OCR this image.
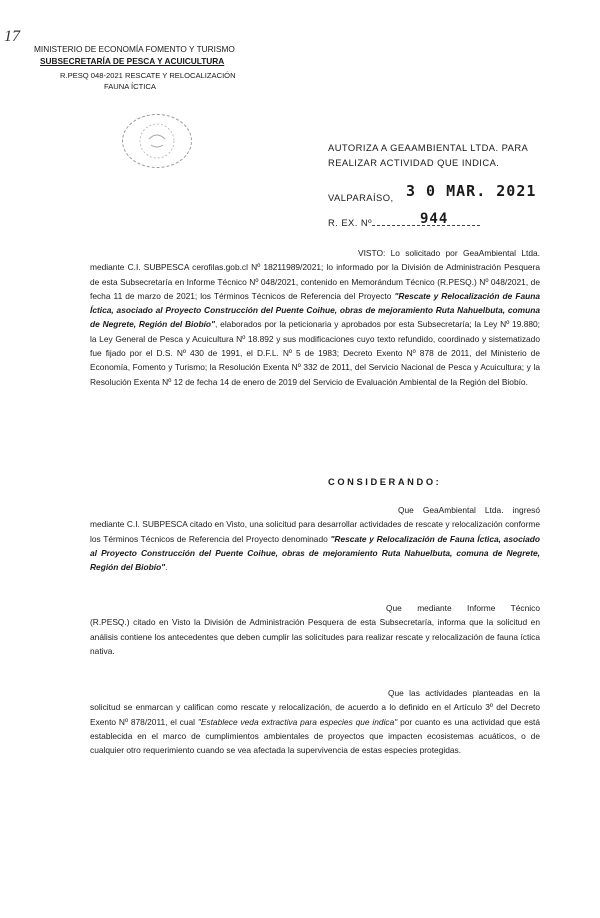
17
MINISTERIO DE ECONOMÍA FOMENTO Y TURISMO
SUBSECRETARÍA DE PESCA Y ACUICULTURA
R.PESQ 048-2021 RESCATE Y RELOCALIZACIÓN
FAUNA ÍCTICA
AUTORIZA A GEAAMBIENTAL LTDA. PARA
REALIZAR ACTIVIDAD QUE INDICA.
VALPARAÍSO, 3 0 MAR. 2021
R. EX. Nº	944

VISTO: Lo solicitado por GeaAmbiental Ltda. mediante C.I. SUBPESCA cerofilas.gob.cl Nº 18211989/2021; lo informado por la División de Administración Pesquera de esta Subsecretaría en Informe Técnico Nº 048/2021, contenido en Memorándum Técnico (R.PESQ.) Nº 048/2021, de fecha 11 de marzo de 2021; los Términos Técnicos de Referencia del Proyecto "Rescate y Relocalización de Fauna Íctica, asociado al Proyecto Construcción del Puente Coihue, obras de mejoramiento Ruta Nahuelbuta, comuna de Negrete, Región del Biobío", elaborados por la peticionaria y aprobados por esta Subsecretaría; la Ley Nº 19.880; la Ley General de Pesca y Acuicultura Nº 18.892 y sus modificaciones cuyo texto refundido, coordinado y sistematizado fue fijado por el D.S. Nº 430 de 1991, el D.F.L. Nº 5 de 1983; Decreto Exento Nº 878 de 2011, del Ministerio de Economía, Fomento y Turismo; la Resolución Exenta Nº 332 de 2011, del Servicio Nacional de Pesca y Acuicultura; y la Resolución Exenta Nº 12 de fecha 14 de enero de 2019 del Servicio de Evaluación Ambiental de la Región del Biobío.

CONSIDERANDO:

Que GeaAmbiental Ltda. ingresó mediante C.I. SUBPESCA citado en Visto, una solicitud para desarrollar actividades de rescate y relocalización conforme los Términos Técnicos de Referencia del Proyecto denominado "Rescate y Relocalización de Fauna Íctica, asociado al Proyecto Construcción del Puente Coihue, obras de mejoramiento Ruta Nahuelbuta, comuna de Negrete, Región del Biobío".

Que mediante Informe Técnico (R.PESQ.) citado en Visto la División de Administración Pesquera de esta Subsecretaría, informa que la solicitud en análisis contiene los antecedentes que deben cumplir las solicitudes para realizar rescate y relocalización de fauna íctica nativa.

Que las actividades planteadas en la solicitud se enmarcan y califican como rescate y relocalización, de acuerdo a lo definido en el Artículo 3º del Decreto Exento Nº 878/2011, el cual "Establece veda extractiva para especies que indica" por cuanto es una actividad que está establecida en el marco de cumplimientos ambientales de proyectos que impacten ecosistemas acuáticos, o de cualquier otro requerimiento cuando se vea afectada la supervivencia de estas especies protegidas.
